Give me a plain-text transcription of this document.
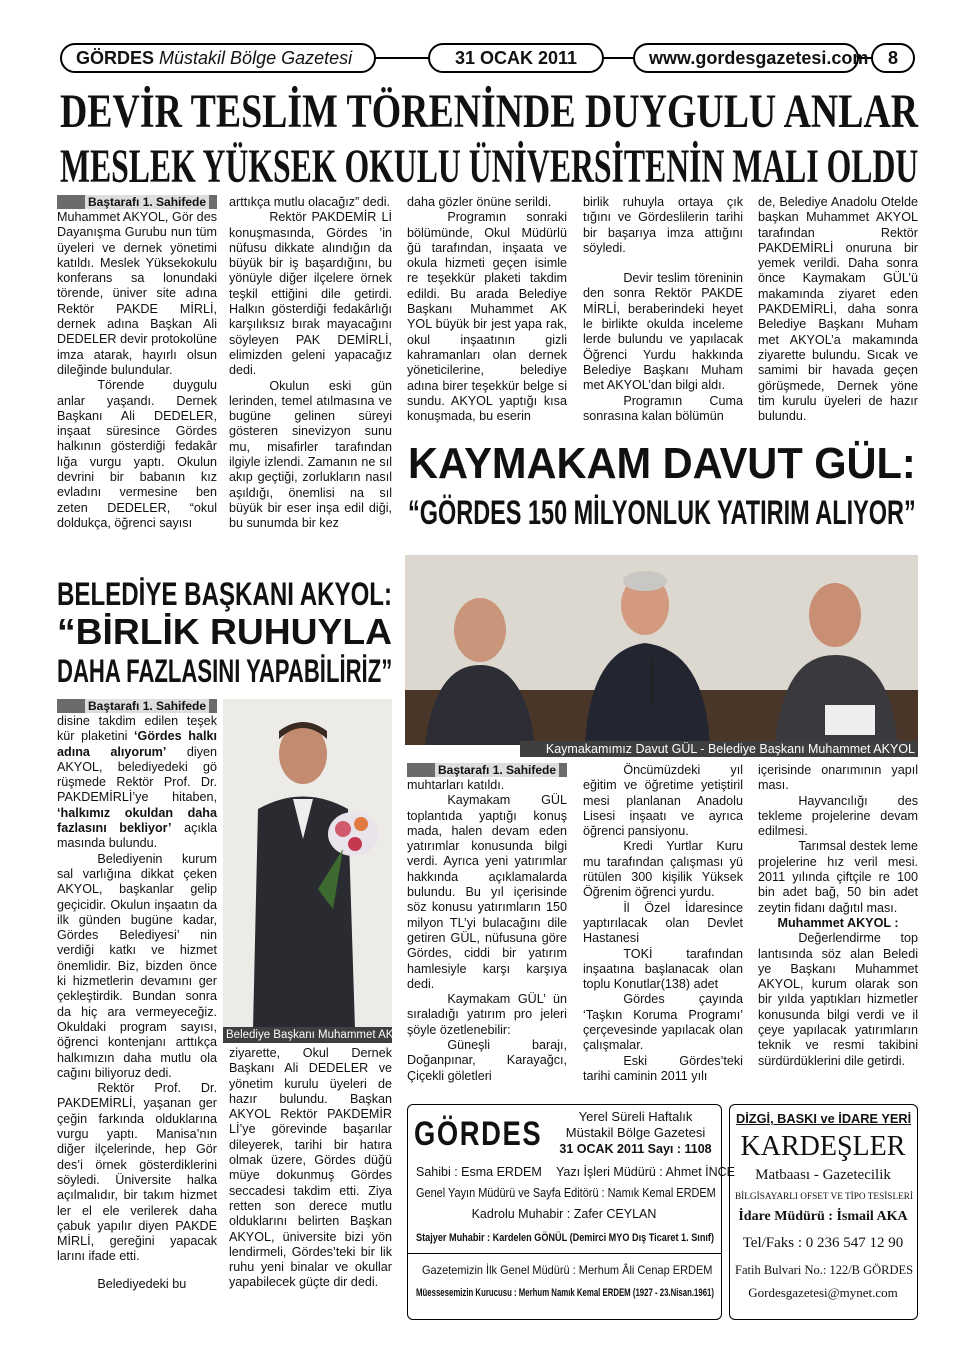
GÖRDES Müstakil Bölge Gazetesi	31 OCAK 2011	www.gordesgazetesi.com	8
DEVİR TESLİM TÖRENİNDE DUYGULU ANLAR
MESLEK YÜKSEK OKULU ÜNİVERSİTENİN MALI OLDU
Baştarafı 1. Sahifede

Muhammet AKYOL, Gör des Dayanışma Gurubu nun tüm üyeleri ve dernek yönetimi katıldı. Meslek Yüksekokulu konferans sa lonundaki törende, üniver site adına Rektör PAKDE MİRLİ, dernek adına Başkan Ali DEDELER devir protokolüne imza atarak, hayırlı olsun dileğinde bulundular.

Törende duygulu anlar yaşandı. Dernek Başkanı Ali DEDELER, inşaat süresince Gördes halkının gösterdiği fedakâr lığa vurgu yaptı. Okulun devrini bir babanın kız evladını vermesine ben zeten DEDELER, “okul doldukça, öğrenci sayısı

arttıkça mutlu olacağız” dedi.

Rektör PAKDEMİR Lİ konuşmasında, Gördes ’in nüfusu dikkate alındığın da büyük bir iş başardığını, bu yönüyle diğer ilçelere örnek teşkil ettiğini dile getirdi. Halkın gösterdiği fedakârlığı karşılıksız bırak mayacağını söyleyen PAK DEMİRLİ, elimizden geleni yapacağız dedi.

Okulun eski gün lerinden, temel atılmasına ve bugüne gelinen süreyi gösteren sinevizyon sunu mu, misafirler tarafından ilgiyle izlendi. Zamanın ne sıl akıp geçtiği, zorlukların nasıl aşıldığı, önemlisi na sıl büyük bir eser inşa edil diği, bu sunumda bir kez

daha gözler önüne serildi.

Programın sonraki bölümünde, Okul Müdürlü ğü tarafından, inşaata ve okula hizmeti geçen isimle re teşekkür plaketi takdim edildi. Bu arada Belediye Başkanı Muhammet AK YOL büyük bir jest yapa rak, okul inşaatının gizli kahramanları olan dernek yöneticilerine, belediye adına birer teşekkür belge si sundu. AKYOL yaptığı kısa konuşmada, bu eserin

birlik ruhuyla ortaya çık tığını ve Gördeslilerin tarihi bir başarıya imza attığını söyledi.

Devir teslim töreninin den sonra Rektör PAKDE MİRLİ, beraberindeki heyet le birlikte okulda inceleme lerde bulundu ve yapılacak Öğrenci Yurdu hakkında Belediye Başkanı Muham met AKYOL’dan bilgi aldı.

Programın Cuma sonrasına kalan bölümün

de, Belediye Anadolu Otelde başkan Muhammet AKYOL tarafından Rektör PAKDEMİRLİ onuruna bir yemek verildi. Daha sonra önce Kaymakam GÜL’ü makamında ziyaret eden PAKDEMİRLİ, daha sonra Belediye Başkanı Muham met AKYOL’a makamında ziyarette bulundu. Sıcak ve samimi bir havada geçen görüşmede, Dernek yöne tim kurulu üyeleri de hazır bulundu.

KAYMAKAM DAVUT GÜL:
“GÖRDES 150 MİLYONLUK YATIRIM ALIYOR”
Kaymakamımız Davut GÜL - Belediye Başkanı Muhammet AKYOL
BELEDİYE BAŞKANI AKYOL:
“BİRLİK RUHUYLA
DAHA FAZLASINI YAPABİLİRİZ”
Baştarafı 1. Sahifede

disine takdim edilen teşek kür plaketini ‘Gördes halkı adına alıyorum’ diyen AKYOL, belediyedeki gö rüşmede Rektör Prof. Dr. PAKDEMİRLİ’ye hitaben, ‘halkımız okuldan daha fazlasını bekliyor’ açıkla masında bulundu.

Belediyenin kurum sal varlığına dikkat çeken AKYOL, başkanlar gelip geçicidir. Okulun inşaatın da ilk günden bugüne kadar, Gördes Belediyesi’ nin verdiği katkı ve hizmet önemlidir. Biz, bizden önce ki hizmetlerin devamını ger çekleştirdik. Bundan sonra da hiç ara vermeyeceğiz. Okuldaki program sayısı, öğrenci kontenjanı arttıkça halkımızın daha mutlu ola cağını biliyoruz dedi.

Rektör Prof. Dr. PAKDEMİRLİ, yaşanan ger çeğin farkında olduklarına vurgu yaptı. Manisa’nın diğer ilçelerinde, hep Gör des’i örnek gösterdiklerini söyledi. Üniversite halka açılmalıdır, bir takım hizmet ler el ele verilerek daha çabuk yapılır diyen PAKDE MİRLİ, gereğini yapacak larını ifade etti.

Belediyedeki bu

Belediye Başkanı Muhammet AKYOL

ziyarette, Okul Dernek Başkanı Ali DEDELER ve yönetim kurulu üyeleri de hazır bulundu. Başkan AKYOL Rektör PAKDEMİR Lİ’ye görevinde başarılar dileyerek, tarihi bir hatıra olmak üzere, Gördes düğü müye dokunmuş Gördes seccadesi takdim etti. Ziya retten son derece mutlu olduklarını belirten Başkan AKYOL, üniversite bizi yön lendirmeli, Gördes’teki bir lik ruhu yeni binalar ve okullar yapabilecek güçte dir dedi.

Baştarafı 1. Sahifede

muhtarları katıldı.

Kaymakam GÜL toplantıda yaptığı konuş mada, halen devam eden yatırımlar konusunda bilgi verdi. Ayrıca yeni yatırımlar hakkında açıklamalarda bulundu. Bu yıl içerisinde söz konusu yatırımların 150 milyon TL’yi bulacağını dile getiren GÜL, nüfusuna göre Gördes, ciddi bir yatırım hamlesiyle karşı karşıya dedi.

Kaymakam GÜL’ ün sıraladığı yatırım pro jeleri şöyle özetlenebilir:

Güneşli barajı, Doğanpınar, Karayağcı, Çiçekli göletleri

Öncümüzdeki yıl eğitim ve öğretime yetiştiril mesi planlanan Anadolu Lisesi inşaatı ve ayrıca öğrenci pansiyonu.

Kredi Yurtlar Kuru mu tarafından çalışması yü rütülen 300 kişilik Yüksek Öğrenim öğrenci yurdu.

İl Özel İdaresince yaptırılacak olan Devlet Hastanesi

TOKİ tarafından inşaatına başlanacak olan toplu Konutlar(138) adet

Gördes çayında ‘Taşkın Koruma Programı’ çerçevesinde yapılacak olan çalışmalar.

Eski Gördes’teki tarihi caminin 2011 yılı

içerisinde onarımının yapıl ması.

Hayvancılığı des tekleme projelerine devam edilmesi.

Tarımsal destek leme projelerine hız veril mesi. 2011 yılında çiftçile re 100 bin adet bağ, 50 bin adet zeytin fidanı dağıtıl ması.

Muhammet AKYOL :

Değerlendirme top lantısında söz alan Beledi ye Başkanı Muhammet AKYOL, kurum olarak son bir yılda yaptıkları hizmetler konusunda bilgi verdi ve il çeye yapılacak yatırımların teknik ve resmi takibini sürdürdüklerini dile getirdi.

GÖRDES	Yerel Süreli Haftalık
Müstakil Bölge Gazetesi
31 OCAK 2011 Sayı : 1108
Sahibi : Esma ERDEM Yazı İşleri Müdürü : Ahmet İNCE
Genel Yayın Müdürü ve Sayfa Editörü : Namık Kemal ERDEM
Kadrolu Muhabir : Zafer CEYLAN
Stajyer Muhabir : Kardelen GÖNÜL (Demirci MYO Dış Ticaret 1. Sınıf)
Gazetemizin İlk Genel Müdürü : Merhum Âli Cenap ERDEM
Müessesemizin Kurucusu : Merhum Namık Kemal ERDEM (1927 - 23.Nisan.1961)
DİZGİ, BASKI ve İDARE YERİ
KARDEŞLER
Matbaası - Gazetecilik
BİLGİSAYARLI OFSET VE TİPO TESİSLERİ
İdare Müdürü : İsmail AKA
Tel/Faks : 0 236 547 12 90
Fatih Bulvari No.: 122/B GÖRDES
Gordesgazetesi@mynet.com
